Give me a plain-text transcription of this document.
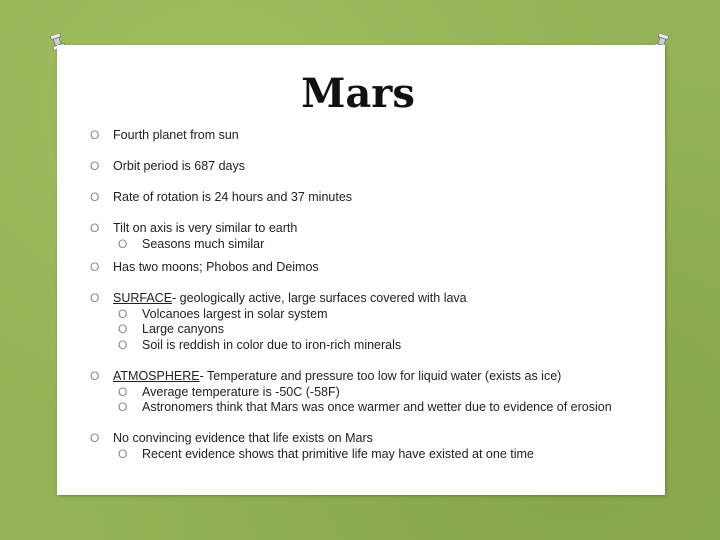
Mars
O Fourth planet from sun
O Orbit period is 687 days
O Rate of rotation is 24 hours and 37 minutes
O Tilt on axis is very similar to earth
O Seasons much similar
O Has two moons; Phobos and Deimos
O SURFACE- geologically active, large surfaces covered with lava
O Volcanoes largest in solar system
O Large canyons
O Soil is reddish in color due to iron-rich minerals
O ATMOSPHERE- Temperature and pressure too low for liquid water (exists as ice)
O Average temperature is -50C (-58F)
O Astronomers think that Mars was once warmer and wetter due to evidence of erosion
O No convincing evidence that life exists on Mars
O Recent evidence shows that primitive life may have existed at one time
